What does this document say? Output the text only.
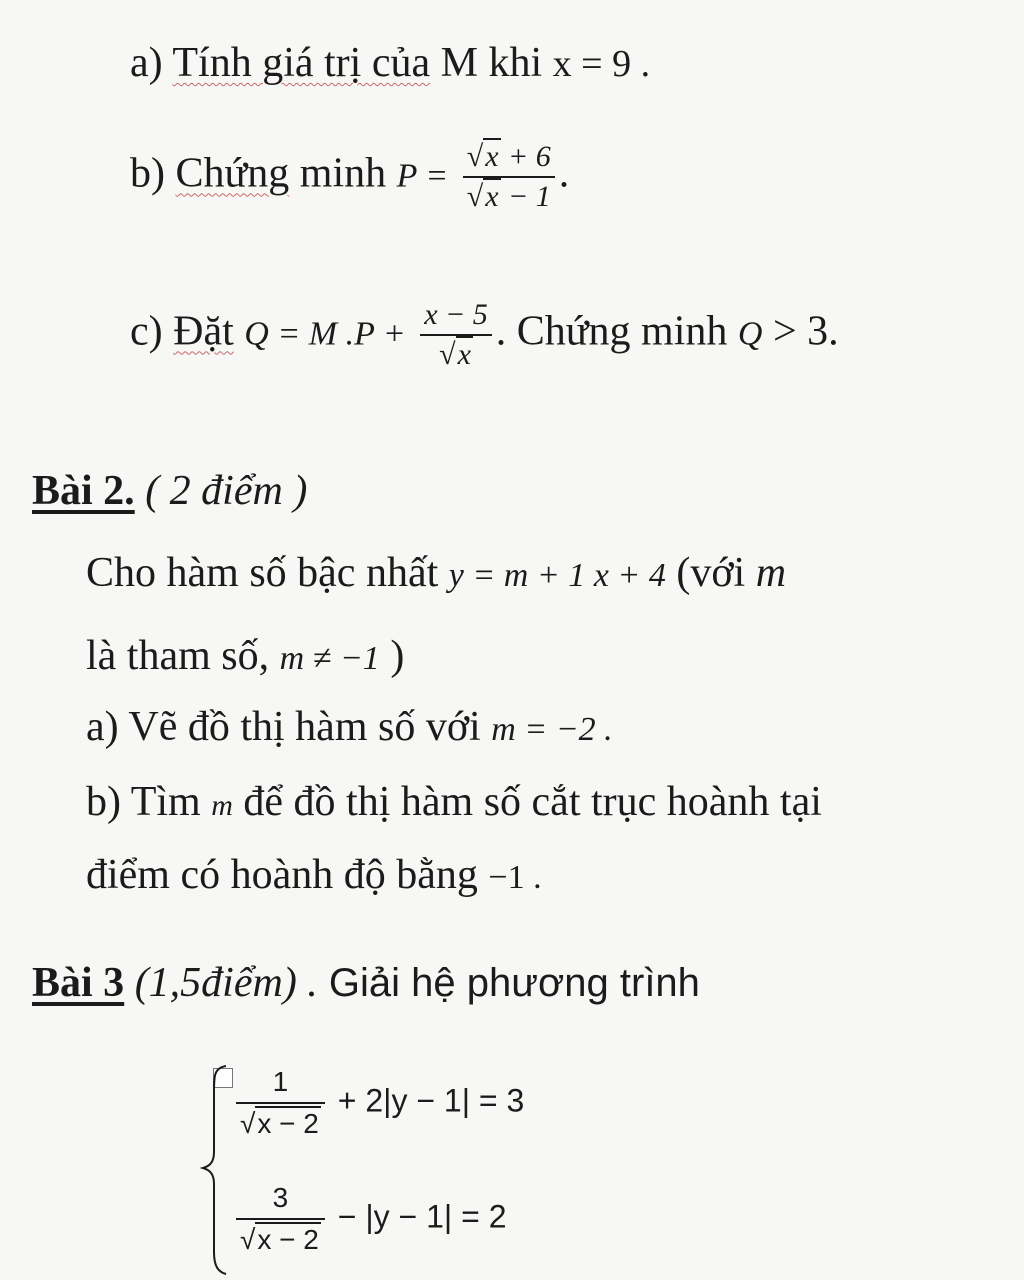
a) Tính giá trị của M khi x = 9 .
b) Chứng minh $P = \frac{√x + 6}{√x - 1}$ .
c) Đặt Q = M $.P + \frac{x - 5}{√x}$ . Chứng minh Q > 3.
Bài 2. ( 2 điểm )
Cho hàm số bậc nhất y = m + 1 x + 4 (với m
là tham số, m ≠ −1 )
a) Vẽ đồ thị hàm số với m = −2 .
b) Tìm m để đồ thị hàm số cắt trục hoành tại
điểm có hoành độ bằng −1 .
Bài 3 (1,5điểm) . Giải hệ phương trình
$\frac{1}{√x - 2} + 2|y - 1| = 3$
$\frac{3}{√x - 2} - |y - 1| = 2$
